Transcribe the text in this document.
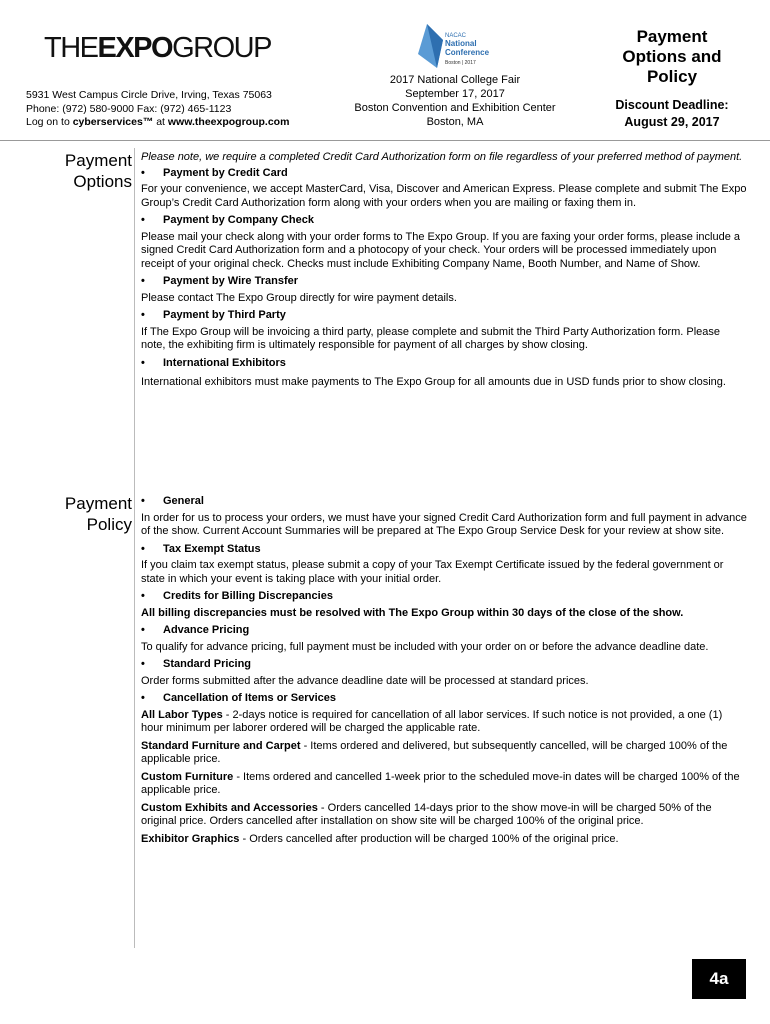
THEEXPOGROUP
5931 West Campus Circle Drive, Irving, Texas 75063
Phone: (972) 580-9000 Fax: (972) 465-1123
Log on to cyberservices™ at www.theexpogroup.com
NACAC
National
Conference
Boston | 2017
2017 National College Fair
September 17, 2017
Boston Convention and Exhibition Center
Boston, MA
Payment Options and Policy
Discount Deadline:
August 29, 2017
Payment
Options

Please note, we require a completed Credit Card Authorization form on file regardless of your preferred method of payment.

• Payment by Credit Card

For your convenience, we accept MasterCard, Visa, Discover and American Express. Please complete and submit The Expo Group’s Credit Card Authorization form along with your orders when you are mailing or faxing them in.

• Payment by Company Check

Please mail your check along with your order forms to The Expo Group. If you are faxing your order forms, please include a signed Credit Card Authorization form and a photocopy of your check. Your orders will be processed immediately upon receipt of your original check. Checks must include Exhibiting Company Name, Booth Number, and Name of Show.

• Payment by Wire Transfer

Please contact The Expo Group directly for wire payment details.

• Payment by Third Party

If The Expo Group will be invoicing a third party, please complete and submit the Third Party Authorization form. Please note, the exhibiting firm is ultimately responsible for payment of all charges by show closing.

• International Exhibitors

International exhibitors must make payments to The Expo Group for all amounts due in USD funds prior to show closing.

Payment
Policy

• General

In order for us to process your orders, we must have your signed Credit Card Authorization form and full payment in advance of the show. Current Account Summaries will be prepared at The Expo Group Service Desk for your review at show site.

• Tax Exempt Status

If you claim tax exempt status, please submit a copy of your Tax Exempt Certificate issued by the federal government or state in which your event is taking place with your initial order.

• Credits for Billing Discrepancies

All billing discrepancies must be resolved with The Expo Group within 30 days of the close of the show.

• Advance Pricing

To qualify for advance pricing, full payment must be included with your order on or before the advance deadline date.

• Standard Pricing

Order forms submitted after the advance deadline date will be processed at standard prices.

• Cancellation of Items or Services

All Labor Types - 2-days notice is required for cancellation of all labor services. If such notice is not provided, a one (1) hour minimum per laborer ordered will be charged the applicable rate.

Standard Furniture and Carpet - Items ordered and delivered, but subsequently cancelled, will be charged 100% of the applicable price.

Custom Furniture - Items ordered and cancelled 1-week prior to the scheduled move-in dates will be charged 100% of the applicable price.

Custom Exhibits and Accessories - Orders cancelled 14-days prior to the show move-in will be charged 50% of the original price. Orders cancelled after installation on show site will be charged 100% of the original price.

Exhibitor Graphics - Orders cancelled after production will be charged 100% of the original price.

4a
